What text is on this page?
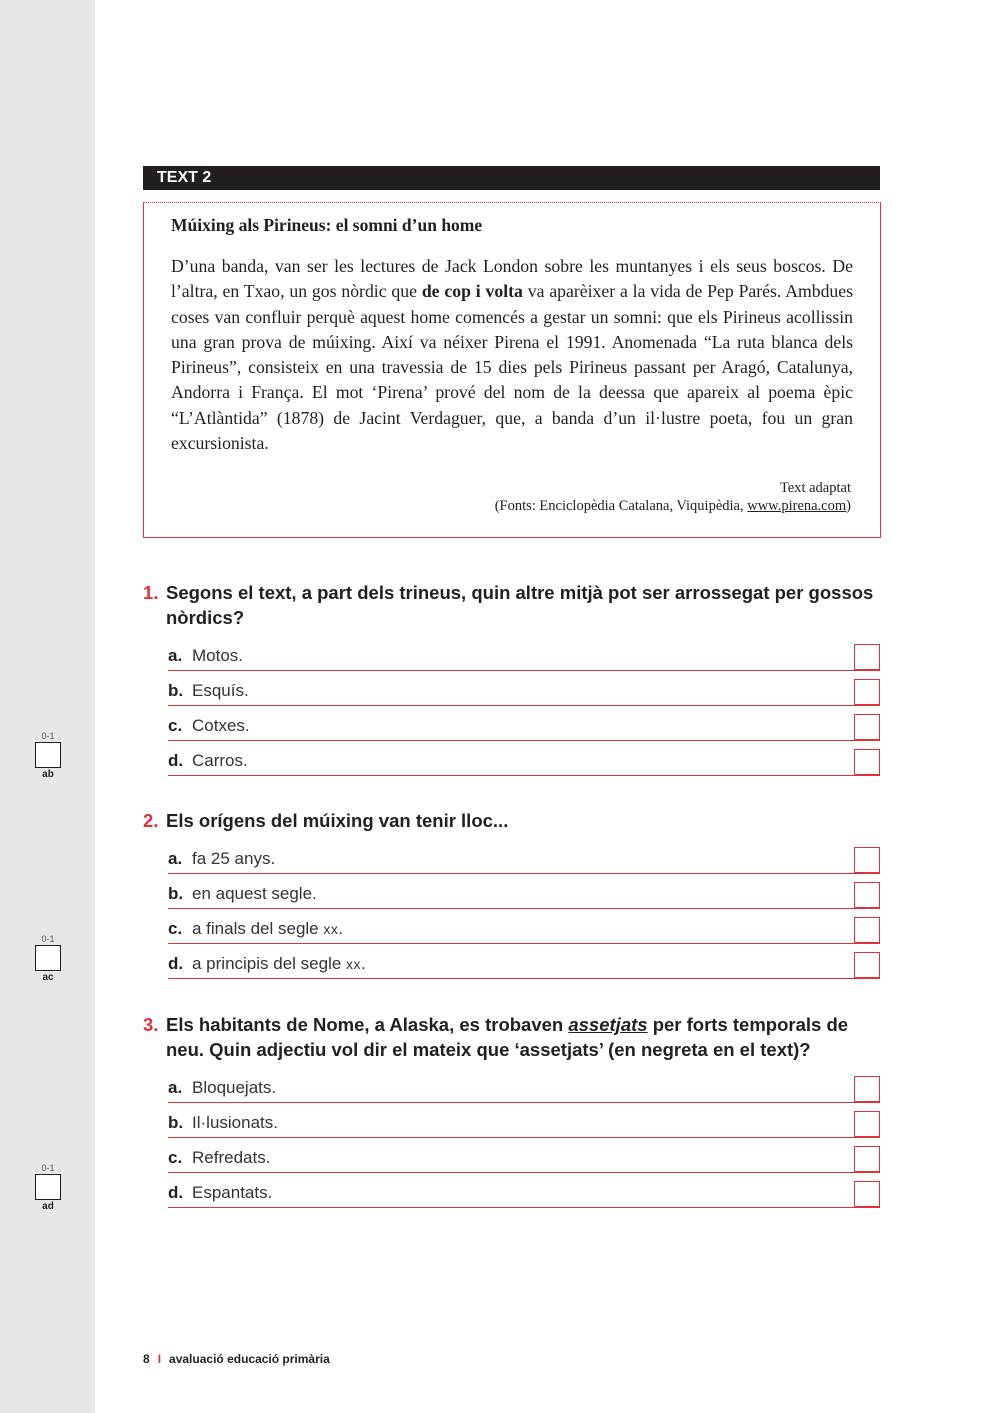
0-1
ab
0-1
ac
0-1
ad
TEXT 2
Múixing als Pirineus: el somni d’un home

D’una banda, van ser les lectures de Jack London sobre les muntanyes i els seus boscos. De l’altra, en Txao, un gos nòrdic que de cop i volta va aparèixer a la vida de Pep Parés. Ambdues coses van confluir perquè aquest home comencés a gestar un somni: que els Pirineus acollissin una gran prova de múixing. Així va néixer Pirena el 1991. Anomenada “La ruta blanca dels Pirineus”, consisteix en una travessia de 15 dies pels Pirineus passant per Aragó, Catalunya, Andorra i França. El mot ‘Pirena’ prové del nom de la deessa que apareix al poema èpic “L’Atlàntida” (1878) de Jacint Verdaguer, que, a banda d’un il·lustre poeta, fou un gran excursionista.

Text adaptat
(Fonts: Enciclopèdia Catalana, Viquipèdia, www.pirena.com)
1. Segons el text, a part dels trineus, quin altre mitjà pot ser arrossegat per gossos nòrdics?
a. Motos.
b. Esquís.
c. Cotxes.
d. Carros.
2. Els orígens del múixing van tenir lloc...
a. fa 25 anys.
b. en aquest segle.
c. a finals del segle xx.
d. a principis del segle xx.
3. Els habitants de Nome, a Alaska, es trobaven assetjats per forts temporals de neu. Quin adjectiu vol dir el mateix que ‘assetjats’ (en negreta en el text)?
a. Bloquejats.
b. Il·lusionats.
c. Refredats.
d. Espantats.
8 I avaluació educació primària
